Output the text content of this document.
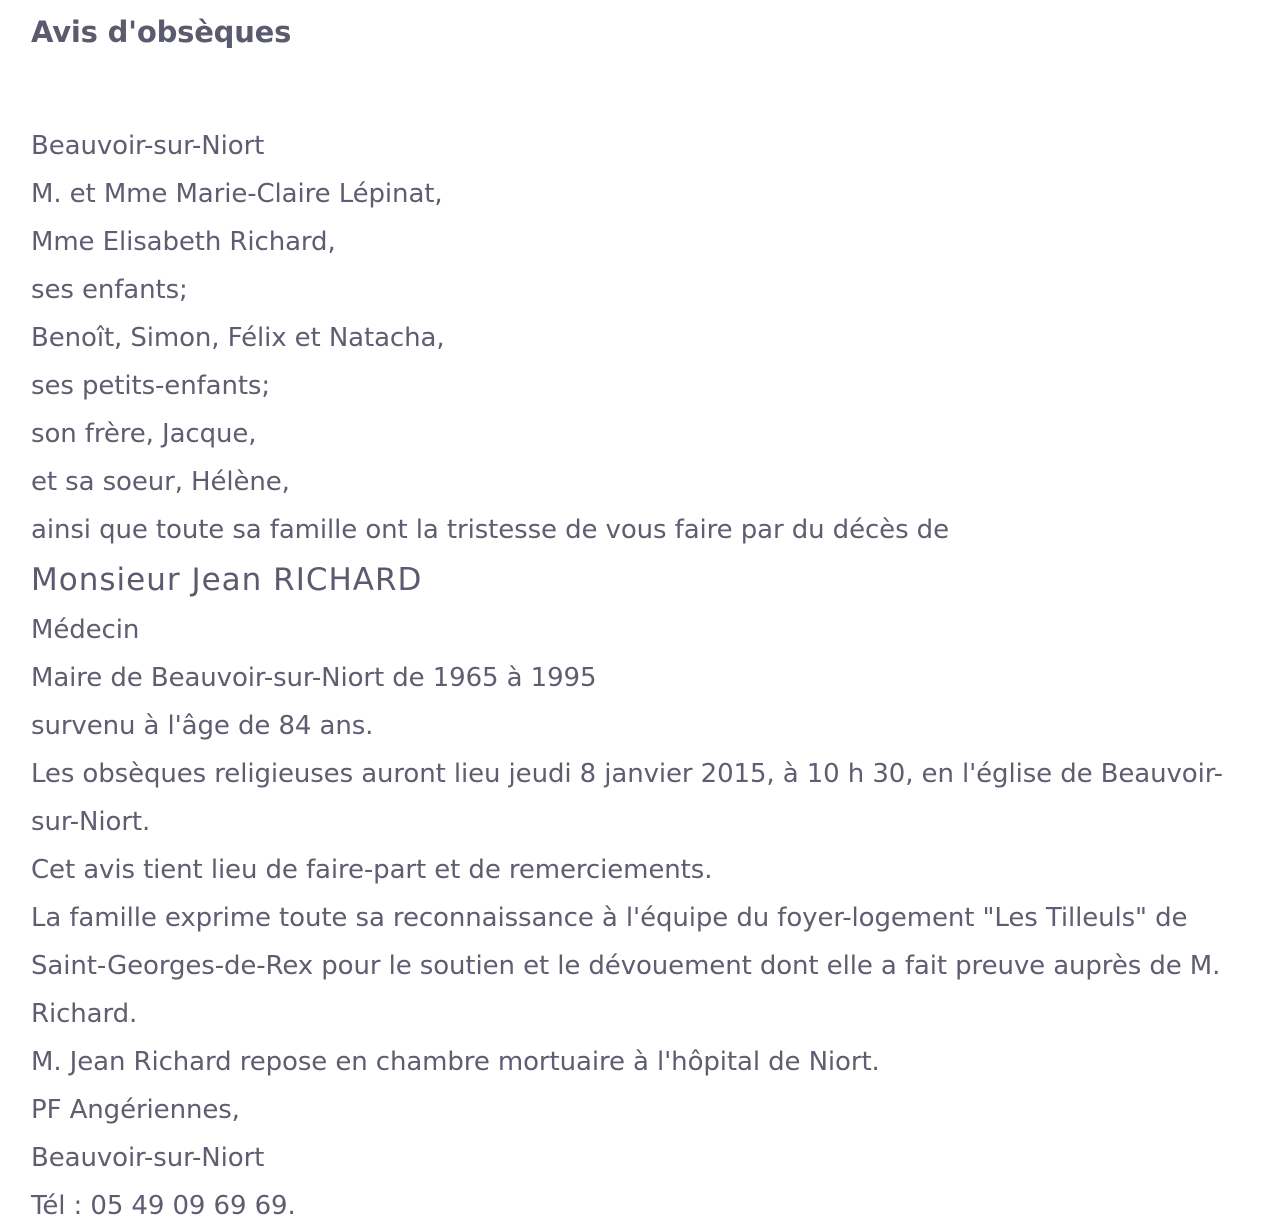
Avis d'obsèques
Beauvoir-sur-Niort
M. et Mme Marie-Claire Lépinat,
Mme Elisabeth Richard,
ses enfants;
Benoît, Simon, Félix et Natacha,
ses petits-enfants;
son frère, Jacque,
et sa soeur, Hélène,
ainsi que toute sa famille ont la tristesse de vous faire par du décès de
Monsieur Jean RICHARD
Médecin
Maire de Beauvoir-sur-Niort de 1965 à 1995
survenu à l'âge de 84 ans.
Les obsèques religieuses auront lieu jeudi 8 janvier 2015, à 10 h 30, en l'église de Beauvoir-sur-Niort.
Cet avis tient lieu de faire-part et de remerciements.
La famille exprime toute sa reconnaissance à l'équipe du foyer-logement "Les Tilleuls" de Saint-Georges-de-Rex pour le soutien et le dévouement dont elle a fait preuve auprès de M. Richard.
M. Jean Richard repose en chambre mortuaire à l'hôpital de Niort.
PF Angériennes,
Beauvoir-sur-Niort
Tél : 05 49 09 69 69.
